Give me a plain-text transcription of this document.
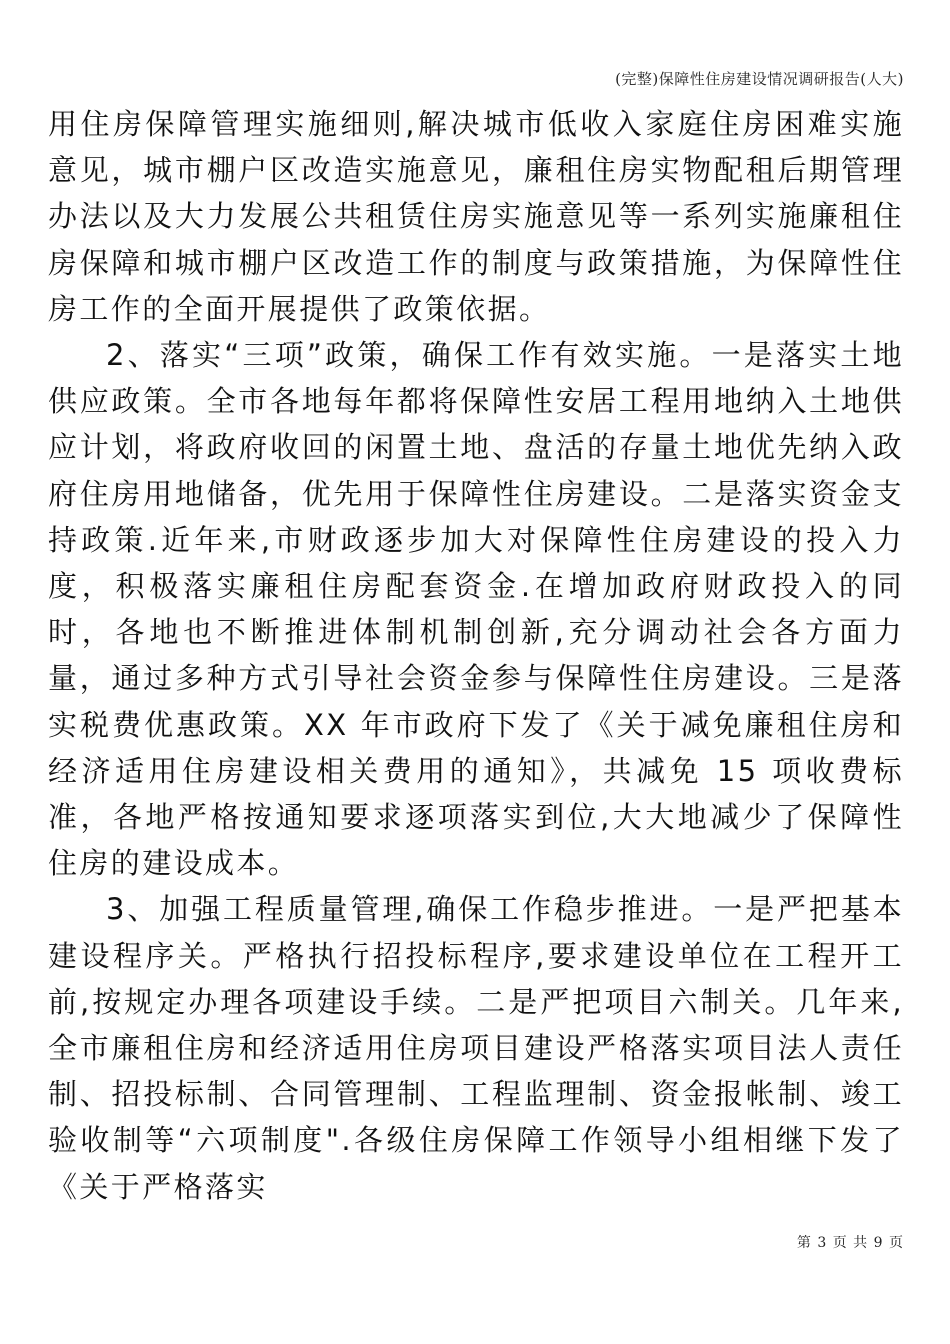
(完整)保障性住房建设情况调研报告(人大)

用住房保障管理实施细则,解决城市低收入家庭住房困难实施意见，城市棚户区改造实施意见，廉租住房实物配租后期管理办法以及大力发展公共租赁住房实施意见等一系列实施廉租住房保障和城市棚户区改造工作的制度与政策措施，为保障性住房工作的全面开展提供了政策依据。

2、落实“三项”政策，确保工作有效实施。一是落实土地供应政策。全市各地每年都将保障性安居工程用地纳入土地供应计划，将政府收回的闲置土地、盘活的存量土地优先纳入政府住房用地储备，优先用于保障性住房建设。二是落实资金支持政策.近年来,市财政逐步加大对保障性住房建设的投入力度，积极落实廉租住房配套资金.在增加政府财政投入的同时，各地也不断推进体制机制创新,充分调动社会各方面力量，通过多种方式引导社会资金参与保障性住房建设。三是落实税费优惠政策。XX 年市政府下发了《关于减免廉租住房和经济适用住房建设相关费用的通知》，共减免 15 项收费标准，各地严格按通知要求逐项落实到位,大大地减少了保障性住房的建设成本。

3、加强工程质量管理,确保工作稳步推进。一是严把基本建设程序关。严格执行招投标程序,要求建设单位在工程开工前,按规定办理各项建设手续。二是严把项目六制关。几年来,全市廉租住房和经济适用住房项目建设严格落实项目法人责任制、招投标制、合同管理制、工程监理制、资金报帐制、竣工验收制等“六项制度".各级住房保障工作领导小组相继下发了《关于严格落实

第 3 页 共 9 页
